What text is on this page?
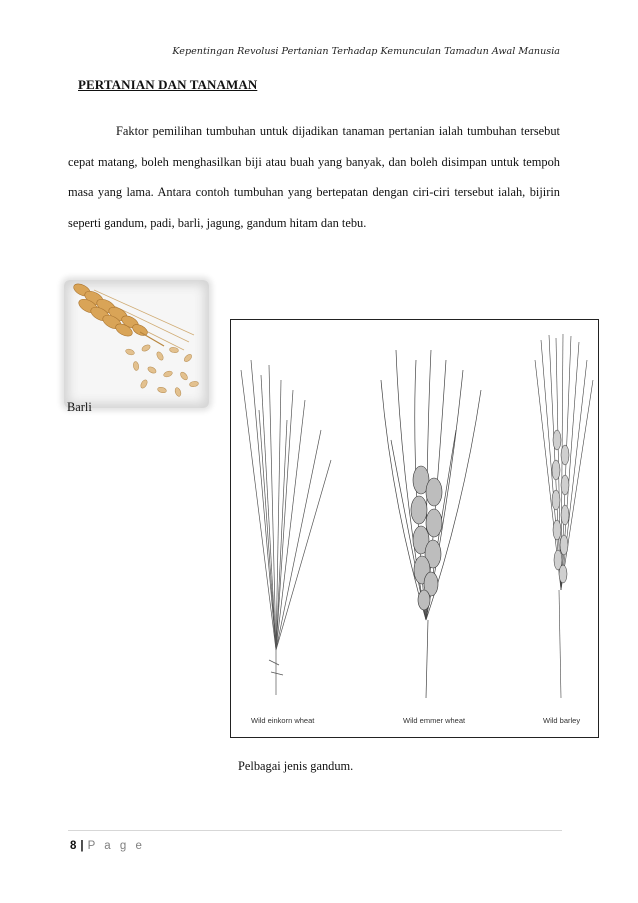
Kepentingan Revolusi Pertanian Terhadap Kemunculan Tamadun Awal Manusia
PERTANIAN DAN TANAMAN
Faktor pemilihan tumbuhan untuk dijadikan tanaman pertanian ialah tumbuhan tersebut cepat matang, boleh menghasilkan biji atau buah yang banyak, dan boleh disimpan untuk tempoh masa yang lama. Antara contoh tumbuhan yang bertepatan dengan ciri-ciri tersebut ialah, bijirin seperti gandum, padi, barli, jagung, gandum hitam dan tebu.
Barli
Wild einkorn wheat	Wild emmer wheat	Wild barley
Pelbagai jenis gandum.
8 | P a g e
